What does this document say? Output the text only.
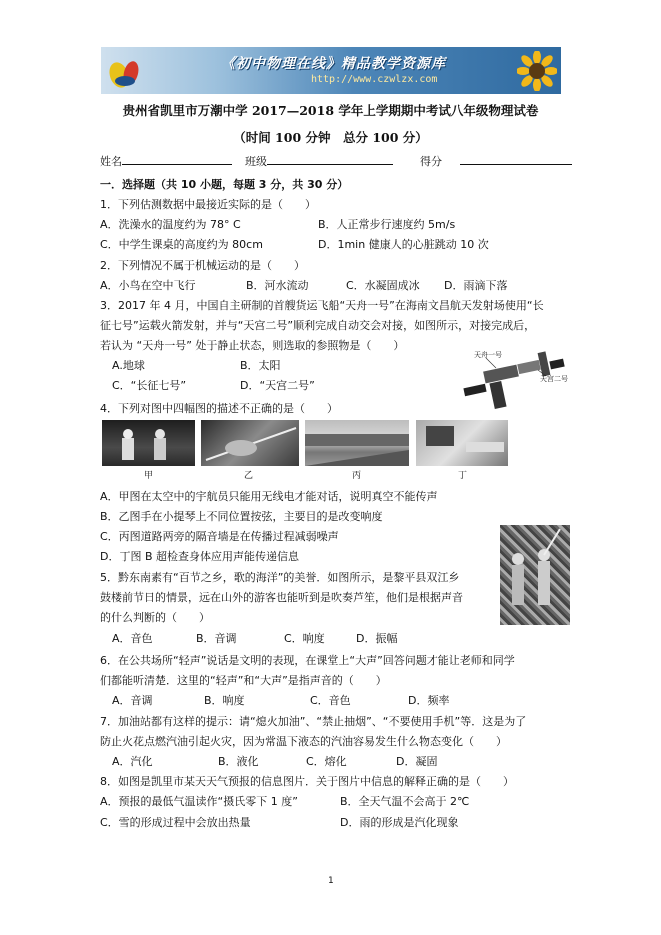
《初中物理在线》精品教学资源库
http://www.czwlzx.com
贵州省凯里市万潮中学 2017—2018 学年上学期期中考试八年级物理试卷
（时间 100 分钟　总分 100 分）
姓名	班级	得分
一．选择题（共 10 小题，每题 3 分，共 30 分）
1．下列估测数据中最接近实际的是（　　）
A．洗澡水的温度约为 78° C	B．人正常步行速度约 5m/s
C．中学生课桌的高度约为 80cm	D．1min 健康人的心脏跳动 10 次
2．下列情况不属于机械运动的是（　　）
A．小鸟在空中飞行	B．河水流动	C．水凝固成冰 D．雨滴下落
3．2017 年 4 月，中国自主研制的首艘货运飞船“天舟一号”在海南文昌航天发射场使用“长
征七号”运载火箭发射，并与“天宫二号”顺利完成自动交会对接，如图所示，对接完成后，
若认为 “天舟一号” 处于静止状态，则选取的参照物是（　　）
A.地球	B．太阳
C．“长征七号”	D．“天宫二号”
天舟一号
天宫二号
4．下列对图中四幅图的描述不正确的是（　　）
甲	乙	丙	丁
A．甲图在太空中的宇航员只能用无线电才能对话，说明真空不能传声
B．乙图手在小提琴上不同位置按弦，主要目的是改变响度
C．丙图道路两旁的隔音墙是在传播过程减弱噪声
D．丁图 B 超检查身体应用声能传递信息
5．黔东南素有“百节之乡，歌的海洋”的美誉．如图所示，是黎平县双江乡
鼓楼前节日的情景，远在山外的游客也能听到是吹奏芦笙，他们是根据声音
的什么判断的（　　）
A．音色	B．音调	C．响度	D．振幅
6．在公共场所“轻声”说话是文明的表现，在课堂上“大声”回答问题才能让老师和同学
们都能听清楚．这里的“轻声”和“大声”是指声音的（　　）
A．音调	B．响度	C．音色	D．频率
7．加油站都有这样的提示：请“熄火加油”、“禁止抽烟”、“不要使用手机”等．这是为了
防止火花点燃汽油引起火灾，因为常温下液态的汽油容易发生什么物态变化（　　）
A．汽化	B．液化	C．熔化	D．凝固
8．如图是凯里市某天天气预报的信息图片．关于图片中信息的解释正确的是（　　）
A．预报的最低气温读作“摄氏零下 1 度”	B．全天气温不会高于 2℃
C．雪的形成过程中会放出热量	D．雨的形成是汽化现象
1
